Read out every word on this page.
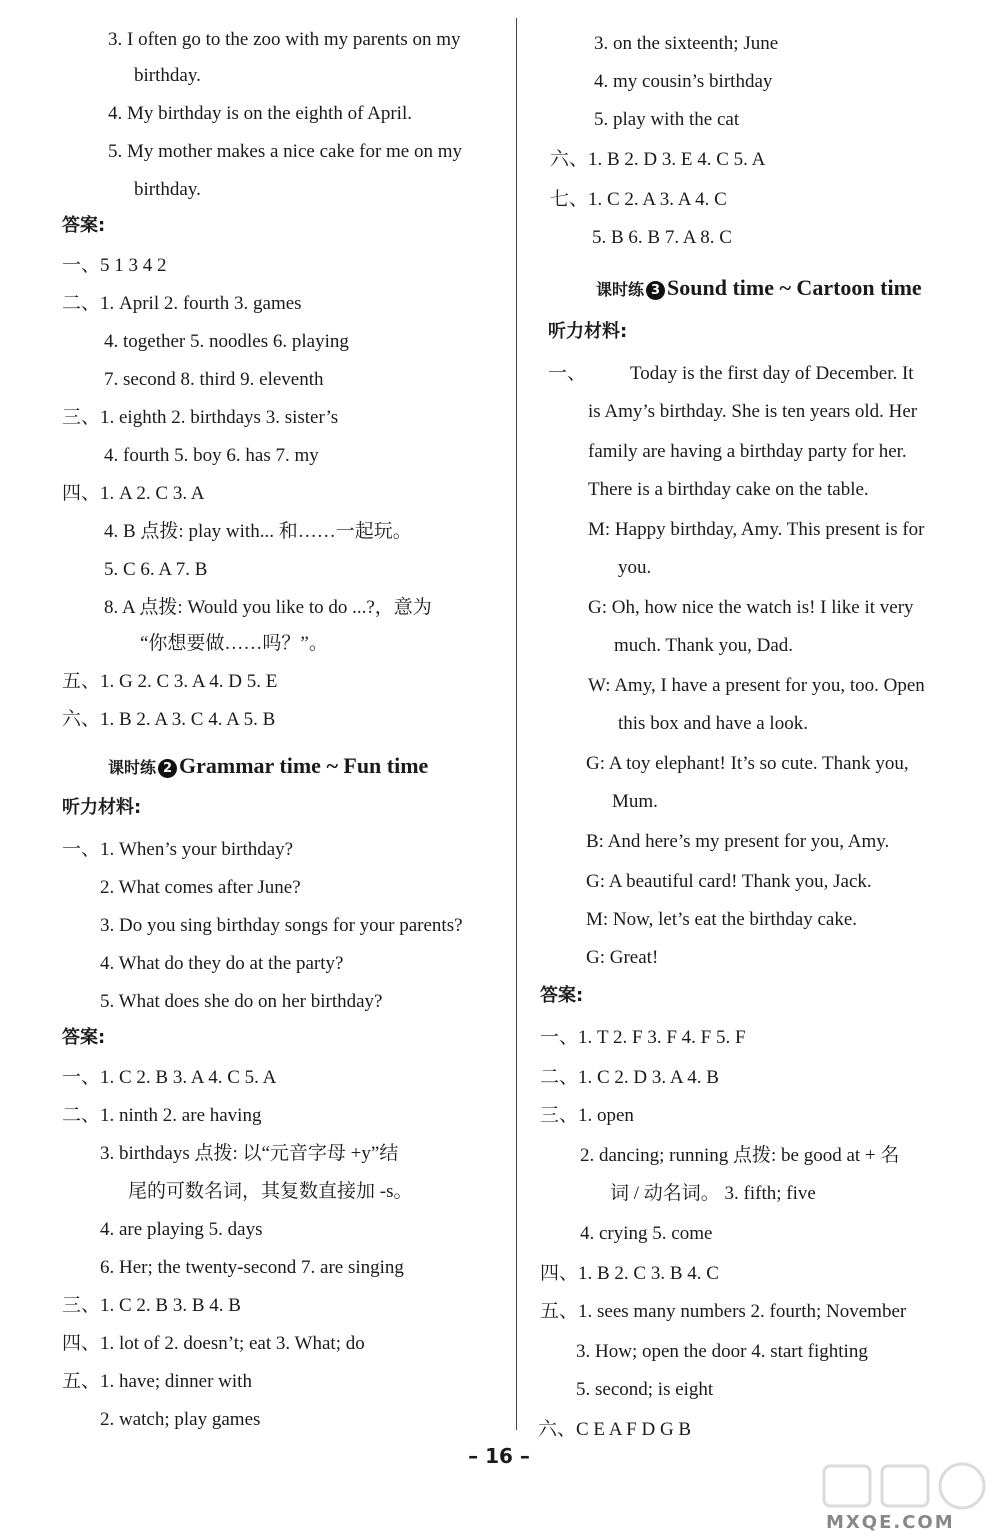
3. I often go to the zoo with my parents on my
birthday.
4. My birthday is on the eighth of April.
5. My mother makes a nice cake for me on my
birthday.
答案:
一、5 1 3 4 2
二、1. April 2. fourth 3. games
4. together 5. noodles 6. playing
7. second 8. third 9. eleventh
三、1. eighth 2. birthdays 3. sister’s
4. fourth 5. boy 6. has 7. my
四、1. A 2. C 3. A
4. B 点拨: play with... 和……一起玩。
5. C 6. A 7. B
8. A 点拨: Would you like to do ...?，意为
“你想要做……吗？”。
五、1. G 2. C 3. A 4. D 5. E
六、1. B 2. A 3. C 4. A 5. B
听力材料:
一、1. When’s your birthday?
2. What comes after June?
3. Do you sing birthday songs for your parents?
4. What do they do at the party?
5. What does she do on her birthday?
答案:
一、1. C 2. B 3. A 4. C 5. A
二、1. ninth 2. are having
3. birthdays 点拨: 以“元音字母 +y”结
尾的可数名词，其复数直接加 -s。
4. are playing 5. days
6. Her; the twenty-second 7. are singing
三、1. C 2. B 3. B 4. B
四、1. lot of 2. doesn’t; eat 3. What; do
五、1. have; dinner with
2. watch; play games
3. on the sixteenth; June
4. my cousin’s birthday
5. play with the cat
六、1. B 2. D 3. E 4. C 5. A
七、1. C 2. A 3. A 4. C
5. B 6. B 7. A 8. C
听力材料:
一、 Today is the first day of December. It
is Amy’s birthday. She is ten years old. Her
family are having a birthday party for her.
There is a birthday cake on the table.
M: Happy birthday, Amy. This present is for
you.
G: Oh, how nice the watch is! I like it very
much. Thank you, Dad.
W: Amy, I have a present for you, too. Open
this box and have a look.
G: A toy elephant! It’s so cute. Thank you,
Mum.
B: And here’s my present for you, Amy.
G: A beautiful card! Thank you, Jack.
M: Now, let’s eat the birthday cake.
G: Great!
答案:
一、1. T 2. F 3. F 4. F 5. F
二、1. C 2. D 3. A 4. B
三、1. open
2. dancing; running 点拨: be good at + 名
词 / 动名词。 3. fifth; five
4. crying 5. come
四、1. B 2. C 3. B 4. C
五、1. sees many numbers 2. fourth; November
3. How; open the door 4. start fighting
5. second; is eight
六、C E A F D G B
课时练 2 Grammar time ~ Fun time
课时练 3 Sound time ~ Cartoon time
– 16 –
MXQE.COM
